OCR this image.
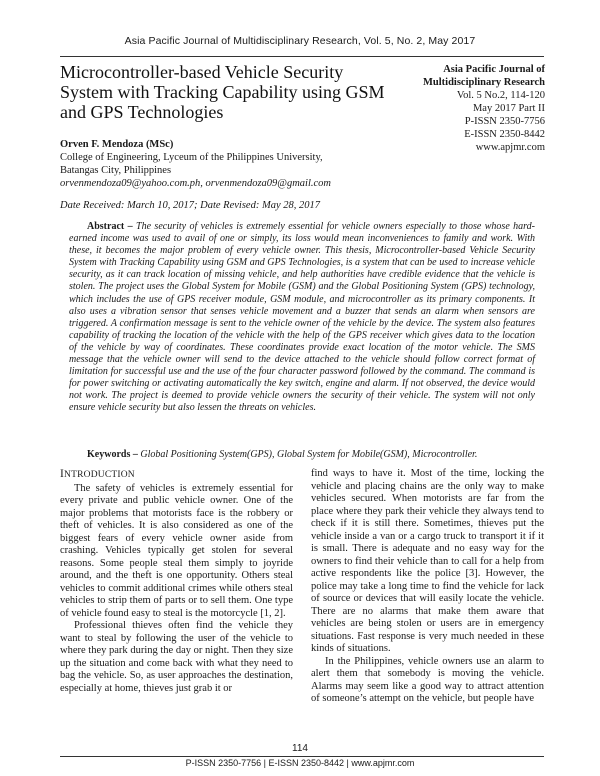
Asia Pacific Journal of Multidisciplinary Research, Vol. 5, No. 2, May 2017
Microcontroller-based Vehicle Security System with Tracking Capability using GSM and GPS Technologies
Asia Pacific Journal of
Multidisciplinary Research
Vol. 5 No.2, 114-120
May 2017 Part II
P-ISSN 2350-7756
E-ISSN 2350-8442
www.apjmr.com
Orven F. Mendoza (MSc)
College of Engineering, Lyceum of the Philippines University,
Batangas City, Philippines
orvenmendoza09@yahoo.com.ph, orvenmendoza09@gmail.com
Date Received: March 10, 2017; Date Revised: May 28, 2017
Abstract – The security of vehicles is extremely essential for vehicle owners especially to those whose hard-earned income was used to avail of one or simply, its loss would mean inconveniences to family and work. With these, it becomes the major problem of every vehicle owner. This thesis, Microcontroller-based Vehicle Security System with Tracking Capability using GSM and GPS Technologies, is a system that can be used to increase vehicle security, as it can track location of missing vehicle, and help authorities have credible evidence that the vehicle is stolen. The project uses the Global System for Mobile (GSM) and the Global Positioning System (GPS) technology, which includes the use of GPS receiver module, GSM module, and microcontroller as its primary components. It also uses a vibration sensor that senses vehicle movement and a buzzer that sends an alarm when sensors are triggered. A confirmation message is sent to the vehicle owner of the vehicle by the device. The system also features capability of tracking the location of the vehicle with the help of the GPS receiver which gives data to the location of the vehicle by way of coordinates. These coordinates provide exact location of the motor vehicle. The SMS message that the vehicle owner will send to the device attached to the vehicle should follow correct format of limitation for successful use and the use of the four character password followed by the command. The command is for power switching or activating automatically the key switch, engine and alarm. If not observed, the device would not work. The project is deemed to provide vehicle owners the security of their vehicle. The system will not only ensure vehicle security but also lessen the threats on vehicles.
Keywords – Global Positioning System(GPS), Global System for Mobile(GSM), Microcontroller.
INTRODUCTION

The safety of vehicles is extremely essential for every private and public vehicle owner. One of the major problems that motorists face is the robbery or theft of vehicles. It is also considered as one of the biggest fears of every vehicle owner aside from crashing. Vehicles typically get stolen for several reasons. Some people steal them simply to joyride around, and the theft is one opportunity. Others steal vehicles to commit additional crimes while others steal vehicles to strip them of parts or to sell them. One type of vehicle found easy to steal is the motorcycle [1, 2].

Professional thieves often find the vehicle they want to steal by following the user of the vehicle to where they park during the day or night. Then they size up the situation and come back with what they need to bag the vehicle. So, as user approaches the destination, especially at home, thieves just grab it or

find ways to have it. Most of the time, locking the vehicle and placing chains are the only way to make vehicles secured. When motorists are far from the place where they park their vehicle they always tend to check if it is still there. Sometimes, thieves put the vehicle inside a van or a cargo truck to transport it if it is small. There is adequate and no easy way for the owners to find their vehicle than to call for a help from active respondents like the police [3]. However, the police may take a long time to find the vehicle for lack of source or devices that will easily locate the vehicle. There are no alarms that make them aware that vehicles are being stolen or users are in emergency situations. Fast response is very much needed in these kinds of situations.

In the Philippines, vehicle owners use an alarm to alert them that somebody is moving the vehicle. Alarms may seem like a good way to attract attention of someone’s attempt on the vehicle, but people have

114
P-ISSN 2350-7756 | E-ISSN 2350-8442 | www.apjmr.com
